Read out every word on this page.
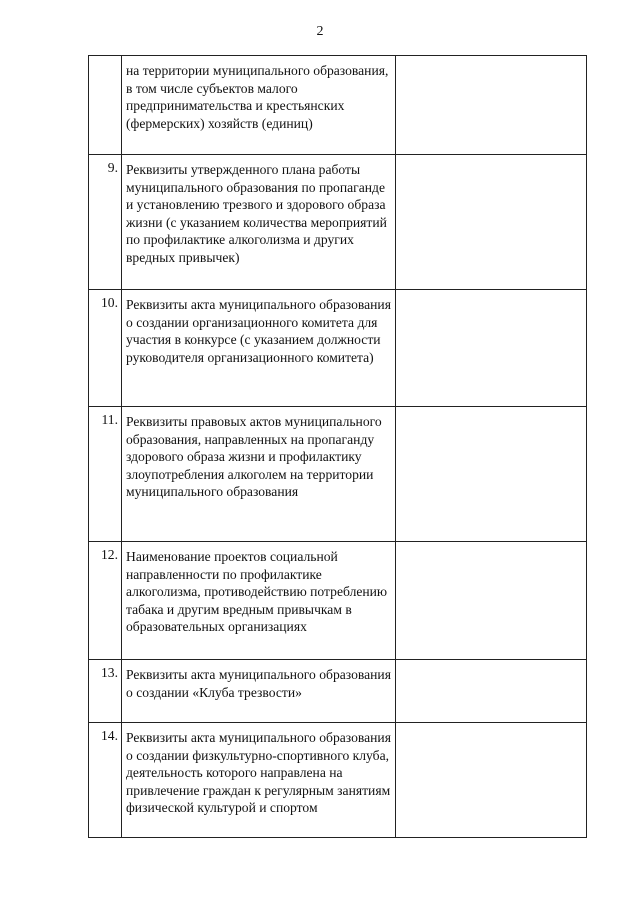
2
	на территории муниципального образования, в том числе субъектов малого предпринимательства и крестьянских (фермерских) хозяйств (единиц)	
9.	Реквизиты утвержденного плана работы муниципального образования по пропаганде и установлению трезвого и здорового образа жизни (с указанием количества мероприятий по профилактике алкоголизма и других вредных привычек)	
10.	Реквизиты акта муниципального образования о создании организационного комитета для участия в конкурсе (с указанием должности руководителя организационного комитета)	
11.	Реквизиты правовых актов муниципального образования, направленных на пропаганду здорового образа жизни и профилактику злоупотребления алкоголем на территории муниципального образования	
12.	Наименование проектов социальной направленности по профилактике алкоголизма, противодействию потреблению табака и другим вредным привычкам в образовательных организациях	
13.	Реквизиты акта муниципального образования о создании «Клуба трезвости»	
14.	Реквизиты акта муниципального образования о создании физкультурно-спортивного клуба, деятельность которого направлена на привлечение граждан к регулярным занятиям физической культурой и спортом	
